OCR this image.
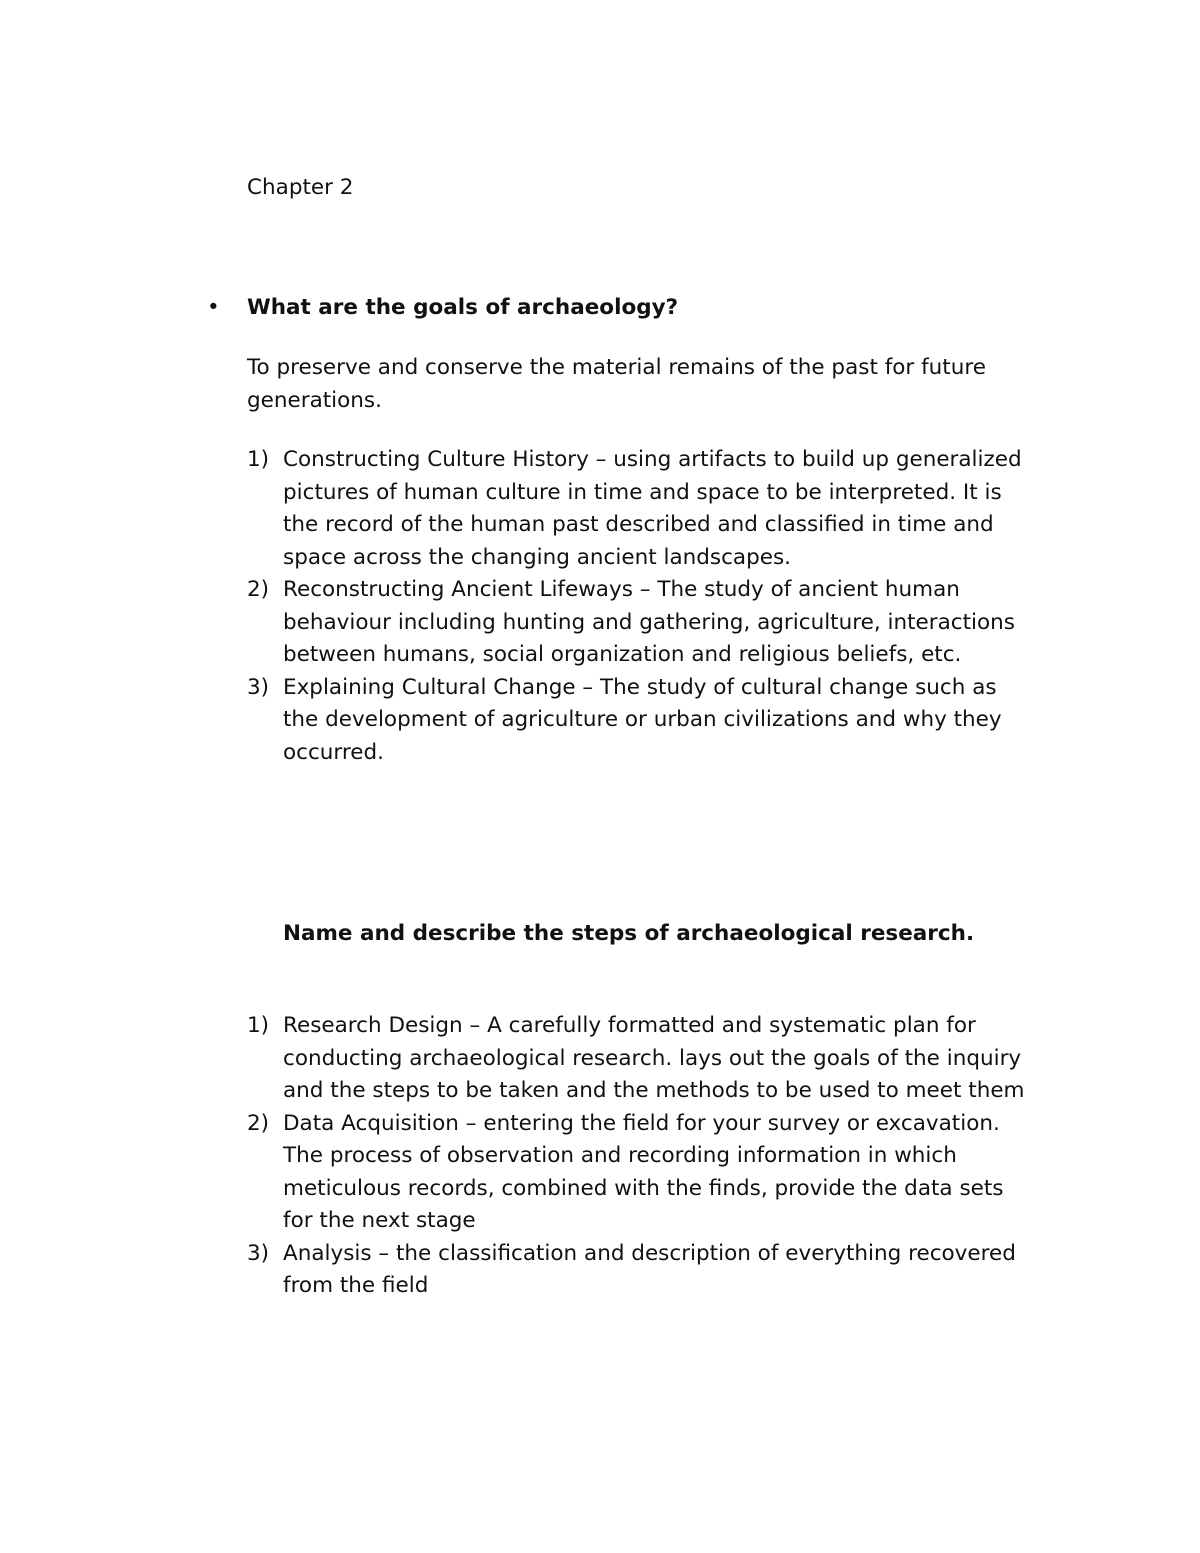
Chapter 2
• What are the goals of archaeology?

To preserve and conserve the material remains of the past for future generations.

1) Constructing Culture History – using artifacts to build up generalized pictures of human culture in time and space to be interpreted. It is the record of the human past described and classified in time and space across the changing ancient landscapes.
2) Reconstructing Ancient Lifeways – The study of ancient human behaviour including hunting and gathering, agriculture, interactions between humans, social organization and religious beliefs, etc.
3) Explaining Cultural Change – The study of cultural change such as the development of agriculture or urban civilizations and why they occurred.
Name and describe the steps of archaeological research.
1) Research Design – A carefully formatted and systematic plan for conducting archaeological research. lays out the goals of the inquiry and the steps to be taken and the methods to be used to meet them
2) Data Acquisition – entering the field for your survey or excavation. The process of observation and recording information in which meticulous records, combined with the finds, provide the data sets for the next stage
3) Analysis – the classification and description of everything recovered from the field
